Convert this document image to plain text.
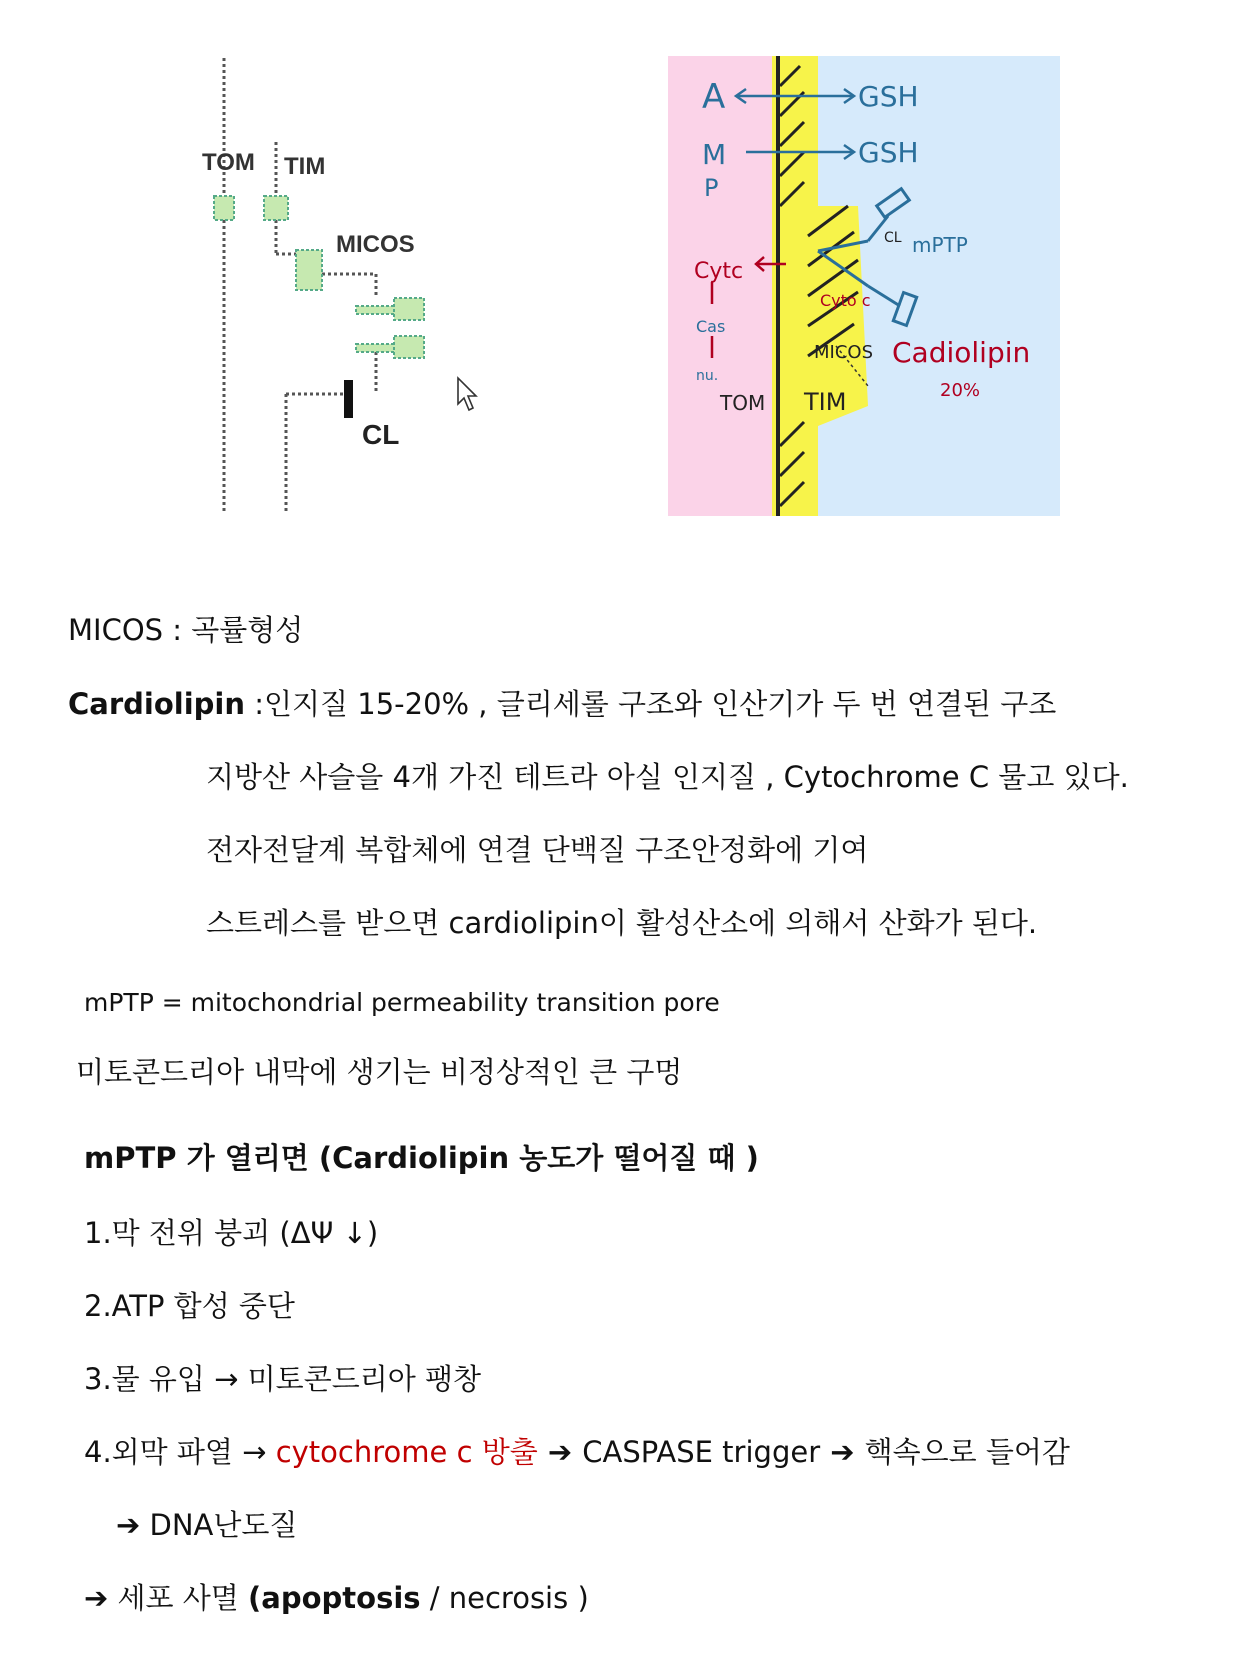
TOM TIM
MICOS
CL
A
M
P
GSH
GSH
CL mPTP
Cytc
Cas
nu.
Cyto c
MICOS Cadiolipin
20%
TOM TIM
MICOS : 곡률형성
Cardiolipin :인지질 15-20% , 글리세롤 구조와 인산기가 두 번 연결된 구조
지방산 사슬을 4개 가진 테트라 아실 인지질 , Cytochrome C 물고 있다.
전자전달계 복합체에 연결 단백질 구조안정화에 기여
스트레스를 받으면 cardiolipin이 활성산소에 의해서 산화가 된다.
mPTP = mitochondrial permeability transition pore
미토콘드리아 내막에 생기는 비정상적인 큰 구멍
mPTP 가 열리면 (Cardiolipin 농도가 떨어질 때 )
1.막 전위 붕괴 (ΔΨ ↓)
2.ATP 합성 중단
3.물 유입 → 미토콘드리아 팽창
4.외막 파열 → cytochrome c 방출 ➔ CASPASE trigger ➔ 핵속으로 들어감
➔ DNA난도질
➔ 세포 사멸 (apoptosis / necrosis )
